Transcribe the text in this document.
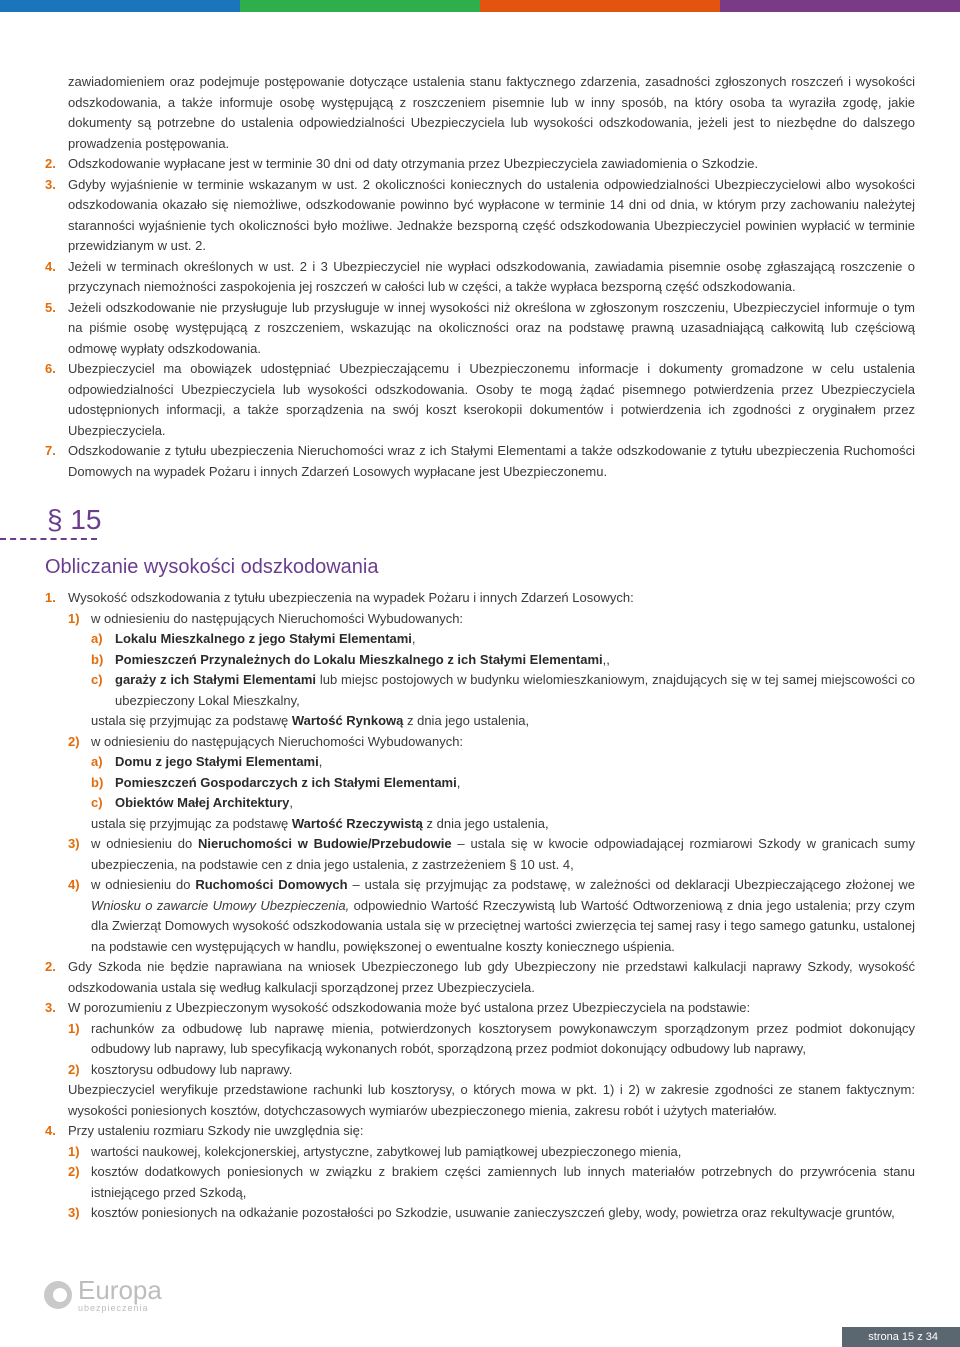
zawiadomieniem oraz podejmuje postępowanie dotyczące ustalenia stanu faktycznego zdarzenia, zasadności zgłoszonych roszczeń i wysokości odszkodowania, a także informuje osobę występującą z roszczeniem pisemnie lub w inny sposób, na który osoba ta wyraziła zgodę, jakie dokumenty są potrzebne do ustalenia odpowiedzialności Ubezpieczyciela lub wysokości odszkodowania, jeżeli jest to niezbędne do dalszego prowadzenia postępowania.
2. Odszkodowanie wypłacane jest w terminie 30 dni od daty otrzymania przez Ubezpieczyciela zawiadomienia o Szkodzie.
3. Gdyby wyjaśnienie w terminie wskazanym w ust. 2 okoliczności koniecznych do ustalenia odpowiedzialności Ubezpieczycielowi albo wysokości odszkodowania okazało się niemożliwe, odszkodowanie powinno być wypłacone w terminie 14 dni od dnia, w którym przy zachowaniu należytej staranności wyjaśnienie tych okoliczności było możliwe. Jednakże bezsporną część odszkodowania Ubezpieczyciel powinien wypłacić w terminie przewidzianym w ust. 2.
4. Jeżeli w terminach określonych w ust. 2 i 3 Ubezpieczyciel nie wypłaci odszkodowania, zawiadamia pisemnie osobę zgłaszającą roszczenie o przyczynach niemożności zaspokojenia jej roszczeń w całości lub w części, a także wypłaca bezsporną część odszkodowania.
5. Jeżeli odszkodowanie nie przysługuje lub przysługuje w innej wysokości niż określona w zgłoszonym roszczeniu, Ubezpieczyciel informuje o tym na piśmie osobę występującą z roszczeniem, wskazując na okoliczności oraz na podstawę prawną uzasadniającą całkowitą lub częściową odmowę wypłaty odszkodowania.
6. Ubezpieczyciel ma obowiązek udostępniać Ubezpieczającemu i Ubezpieczonemu informacje i dokumenty gromadzone w celu ustalenia odpowiedzialności Ubezpieczyciela lub wysokości odszkodowania. Osoby te mogą żądać pisemnego potwierdzenia przez Ubezpieczyciela udostępnionych informacji, a także sporządzenia na swój koszt kserokopii dokumentów i potwierdzenia ich zgodności z oryginałem przez Ubezpieczyciela.
7. Odszkodowanie z tytułu ubezpieczenia Nieruchomości wraz z ich Stałymi Elementami a także odszkodowanie z tytułu ubezpieczenia Ruchomości Domowych na wypadek Pożaru i innych Zdarzeń Losowych wypłacane jest Ubezpieczonemu.
§ 15
Obliczanie wysokości odszkodowania
1. Wysokość odszkodowania z tytułu ubezpieczenia na wypadek Pożaru i innych Zdarzeń Losowych:
1) w odniesieniu do następujących Nieruchomości Wybudowanych:
a) Lokalu Mieszkalnego z jego Stałymi Elementami,
b) Pomieszczeń Przynależnych do Lokalu Mieszkalnego z ich Stałymi Elementami,,
c) garaży z ich Stałymi Elementami lub miejsc postojowych w budynku wielomieszkaniowym, znajdujących się w tej samej miejscowości co ubezpieczony Lokal Mieszkalny,
ustala się przyjmując za podstawę Wartość Rynkową z dnia jego ustalenia,
2) w odniesieniu do następujących Nieruchomości Wybudowanych:
a) Domu z jego Stałymi Elementami,
b) Pomieszczeń Gospodarczych z ich Stałymi Elementami,
c) Obiektów Małej Architektury,
ustala się przyjmując za podstawę Wartość Rzeczywistą z dnia jego ustalenia,
3) w odniesieniu do Nieruchomości w Budowie/Przebudowie – ustala się w kwocie odpowiadającej rozmiarowi Szkody w granicach sumy ubezpieczenia, na podstawie cen z dnia jego ustalenia, z zastrzeżeniem § 10 ust. 4,
4) w odniesieniu do Ruchomości Domowych – ustala się przyjmując za podstawę, w zależności od deklaracji Ubezpieczającego złożonej we Wniosku o zawarcie Umowy Ubezpieczenia, odpowiednio Wartość Rzeczywistą lub Wartość Odtworzeniową z dnia jego ustalenia; przy czym dla Zwierząt Domowych wysokość odszkodowania ustala się w przeciętnej wartości zwierzęcia tej samej rasy i tego samego gatunku, ustalonej na podstawie cen występujących w handlu, powiększonej o ewentualne koszty koniecznego uśpienia.
2. Gdy Szkoda nie będzie naprawiana na wniosek Ubezpieczonego lub gdy Ubezpieczony nie przedstawi kalkulacji naprawy Szkody, wysokość odszkodowania ustala się według kalkulacji sporządzonej przez Ubezpieczyciela.
3. W porozumieniu z Ubezpieczonym wysokość odszkodowania może być ustalona przez Ubezpieczyciela na podstawie:
1) rachunków za odbudowę lub naprawę mienia, potwierdzonych kosztorysem powykonawczym sporządzonym przez podmiot dokonujący odbudowy lub naprawy, lub specyfikacją wykonanych robót, sporządzoną przez podmiot dokonujący odbudowy lub naprawy,
2) kosztorysu odbudowy lub naprawy.
Ubezpieczyciel weryfikuje przedstawione rachunki lub kosztorysy, o których mowa w pkt. 1) i 2) w zakresie zgodności ze stanem faktycznym: wysokości poniesionych kosztów, dotychczasowych wymiarów ubezpieczonego mienia, zakresu robót i użytych materiałów.
4. Przy ustaleniu rozmiaru Szkody nie uwzględnia się:
1) wartości naukowej, kolekcjonerskiej, artystyczne, zabytkowej lub pamiątkowej ubezpieczonego mienia,
2) kosztów dodatkowych poniesionych w związku z brakiem części zamiennych lub innych materiałów potrzebnych do przywrócenia stanu istniejącego przed Szkodą,
3) kosztów poniesionych na odkażanie pozostałości po Szkodzie, usuwanie zanieczyszczeń gleby, wody, powietrza oraz rekultywacje gruntów,
Europa
ubezpieczenia
strona 15 z 34
